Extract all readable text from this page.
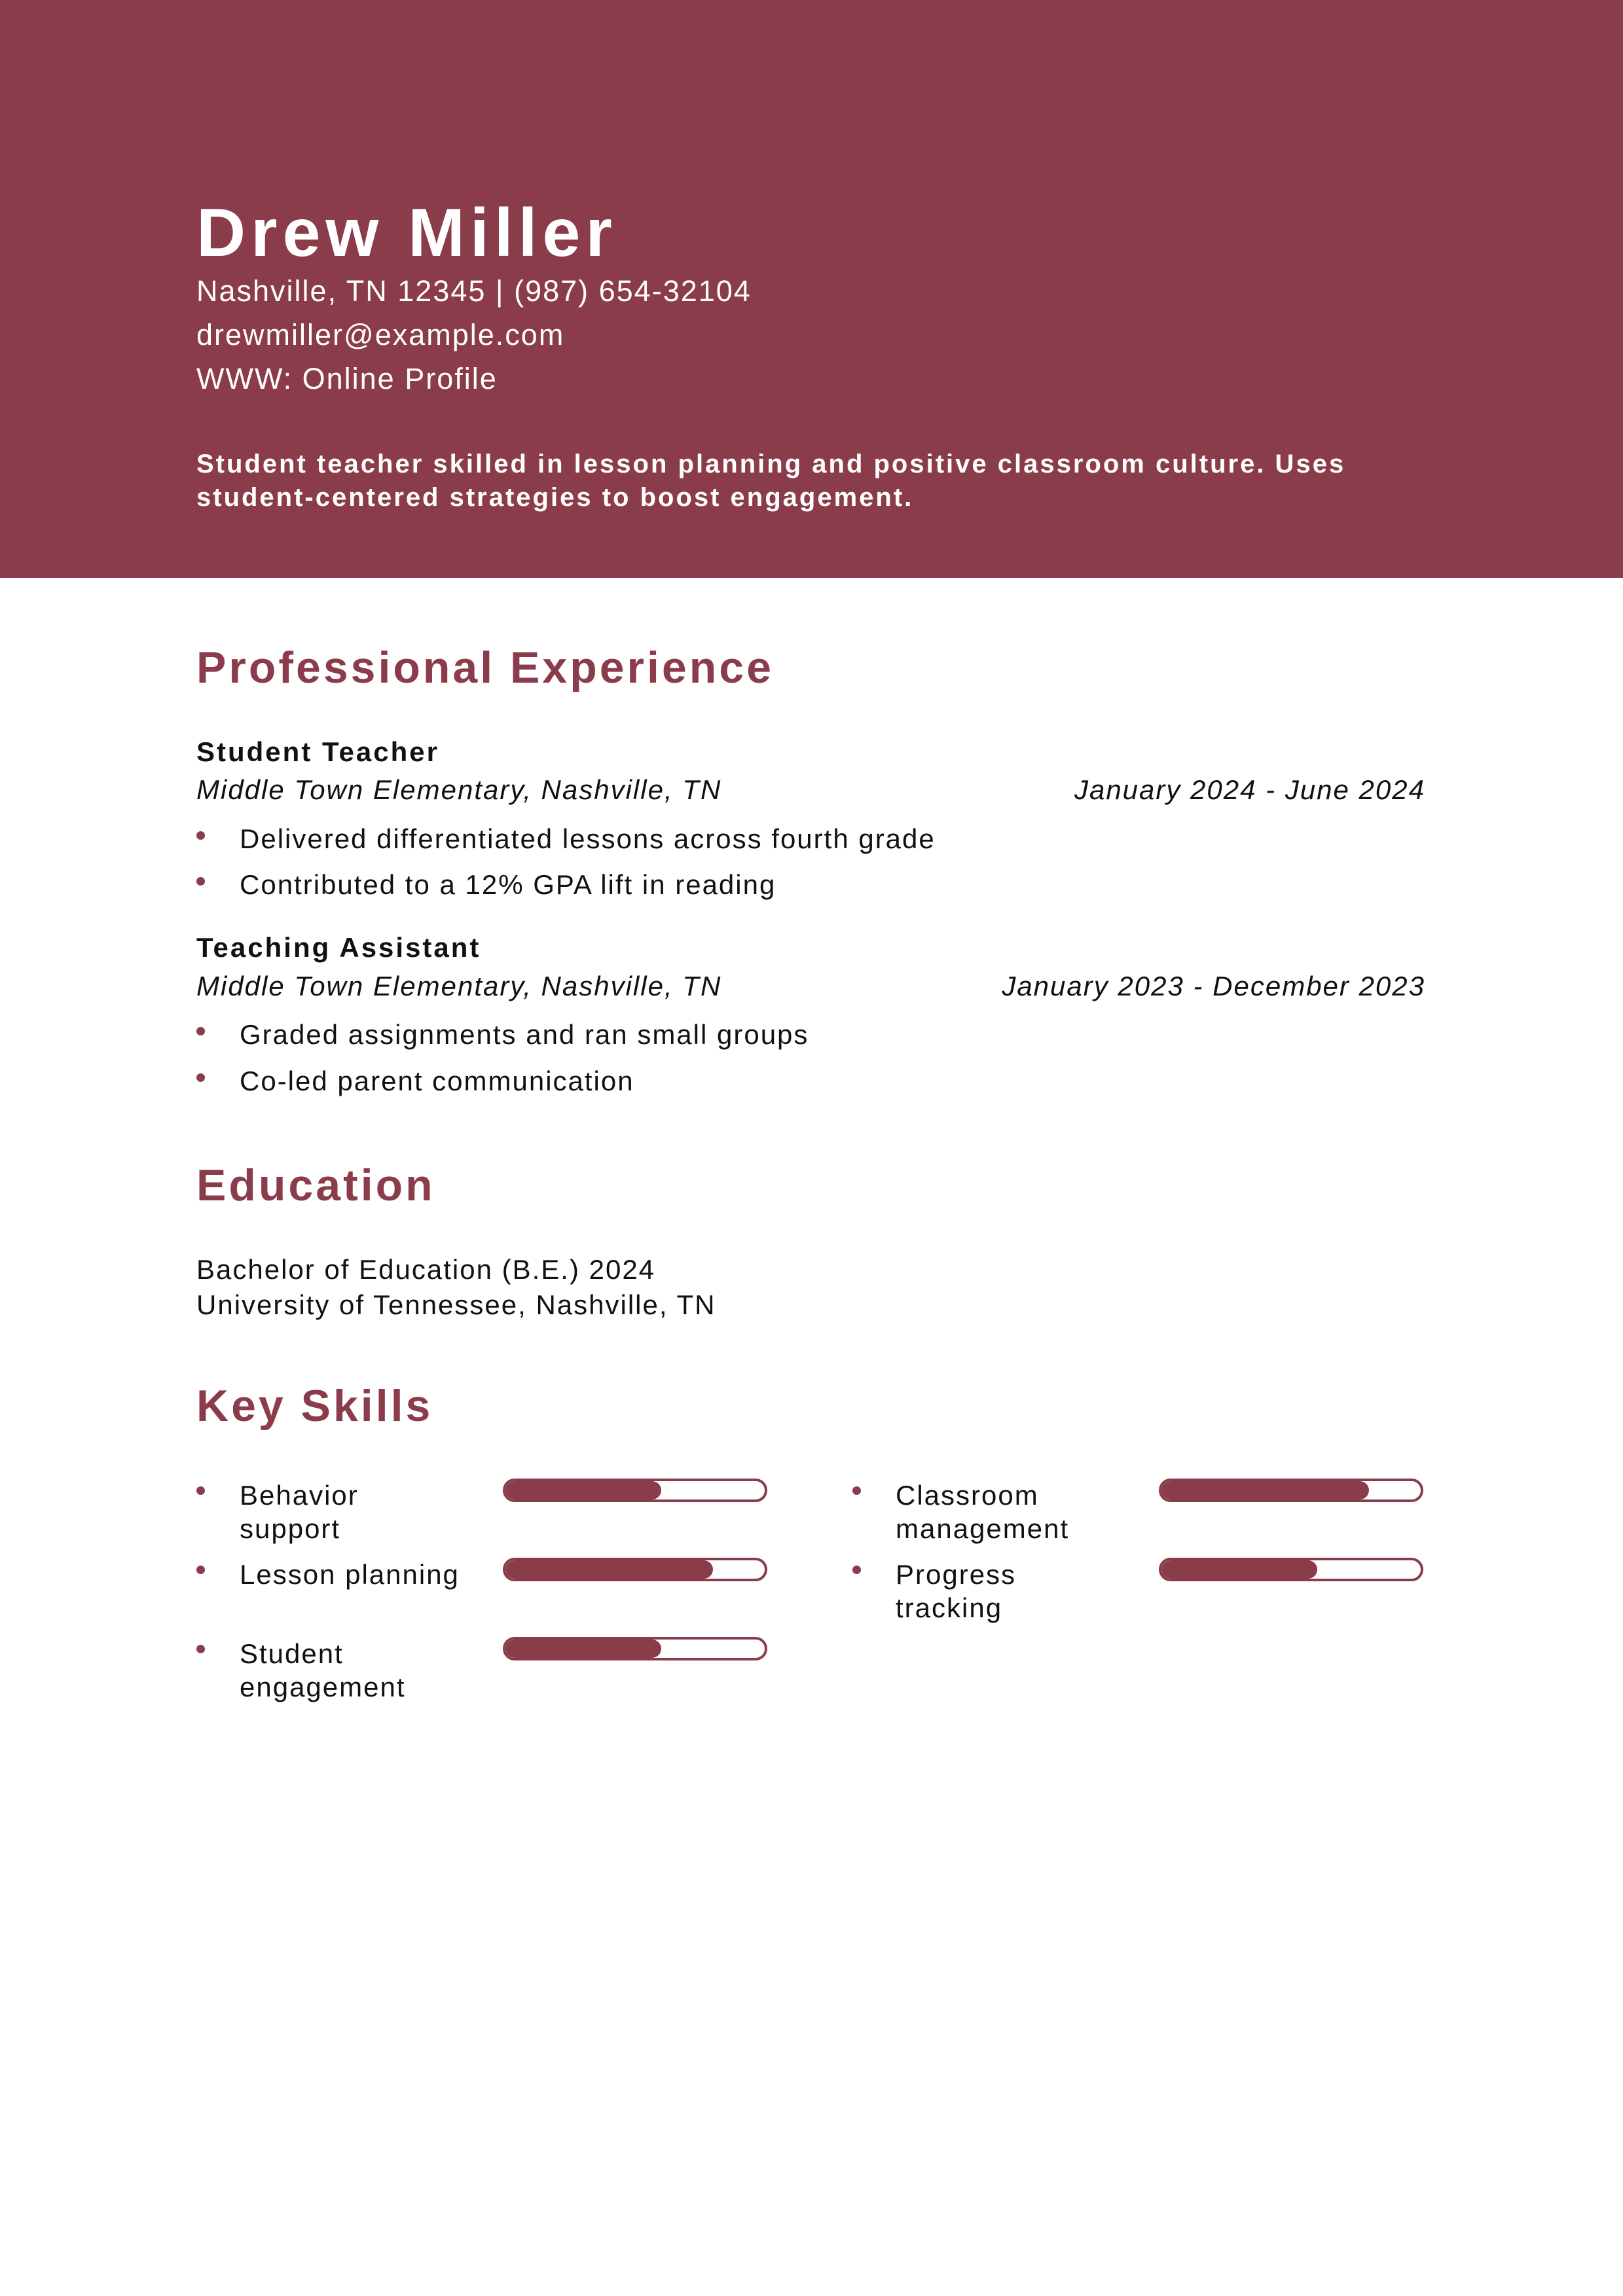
Drew Miller
Nashville, TN 12345 | (987) 654-32104
drewmiller@example.com
WWW: Online Profile
Student teacher skilled in lesson planning and positive classroom culture. Uses student-centered strategies to boost engagement.
Professional Experience
Student Teacher
Middle Town Elementary, Nashville, TN	January 2024 - June 2024
Delivered differentiated lessons across fourth grade
Contributed to a 12% GPA lift in reading
Teaching Assistant
Middle Town Elementary, Nashville, TN	January 2023 - December 2023
Graded assignments and ran small groups
Co-led parent communication
Education
Bachelor of Education (B.E.) 2024
University of Tennessee, Nashville, TN
Key Skills
Behavior support
Classroom management
Lesson planning	Progress tracking
Student engagement
